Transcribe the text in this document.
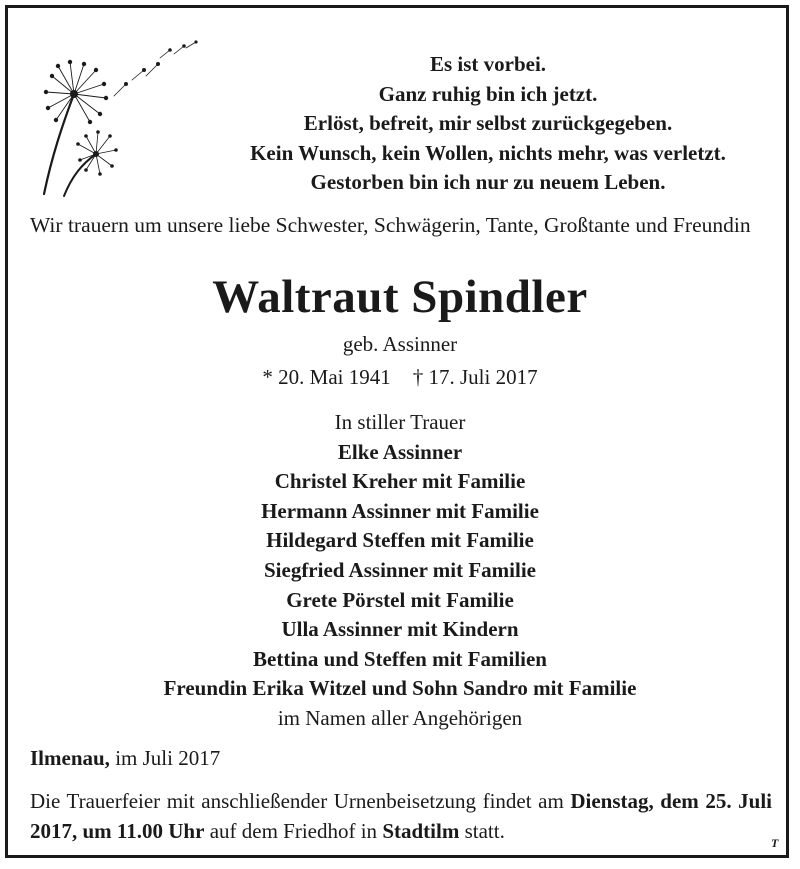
Es ist vorbei.
Ganz ruhig bin ich jetzt.
Erlöst, befreit, mir selbst zurückgegeben.
Kein Wunsch, kein Wollen, nichts mehr, was verletzt.
Gestorben bin ich nur zu neuem Leben.
Wir trauern um unsere liebe Schwester, Schwägerin, Tante, Großtante und Freundin
Waltraut Spindler
geb. Assinner
* 20. Mai 1941 † 17. Juli 2017
In stiller Trauer
Elke Assinner
Christel Kreher mit Familie
Hermann Assinner mit Familie
Hildegard Steffen mit Familie
Siegfried Assinner mit Familie
Grete Pörstel mit Familie
Ulla Assinner mit Kindern
Bettina und Steffen mit Familien
Freundin Erika Witzel und Sohn Sandro mit Familie
im Namen aller Angehörigen
Ilmenau, im Juli 2017
Die Trauerfeier mit anschließender Urnenbeisetzung findet am Dienstag, dem 25. Juli 2017, um 11.00 Uhr auf dem Friedhof in Stadtilm statt.	T
